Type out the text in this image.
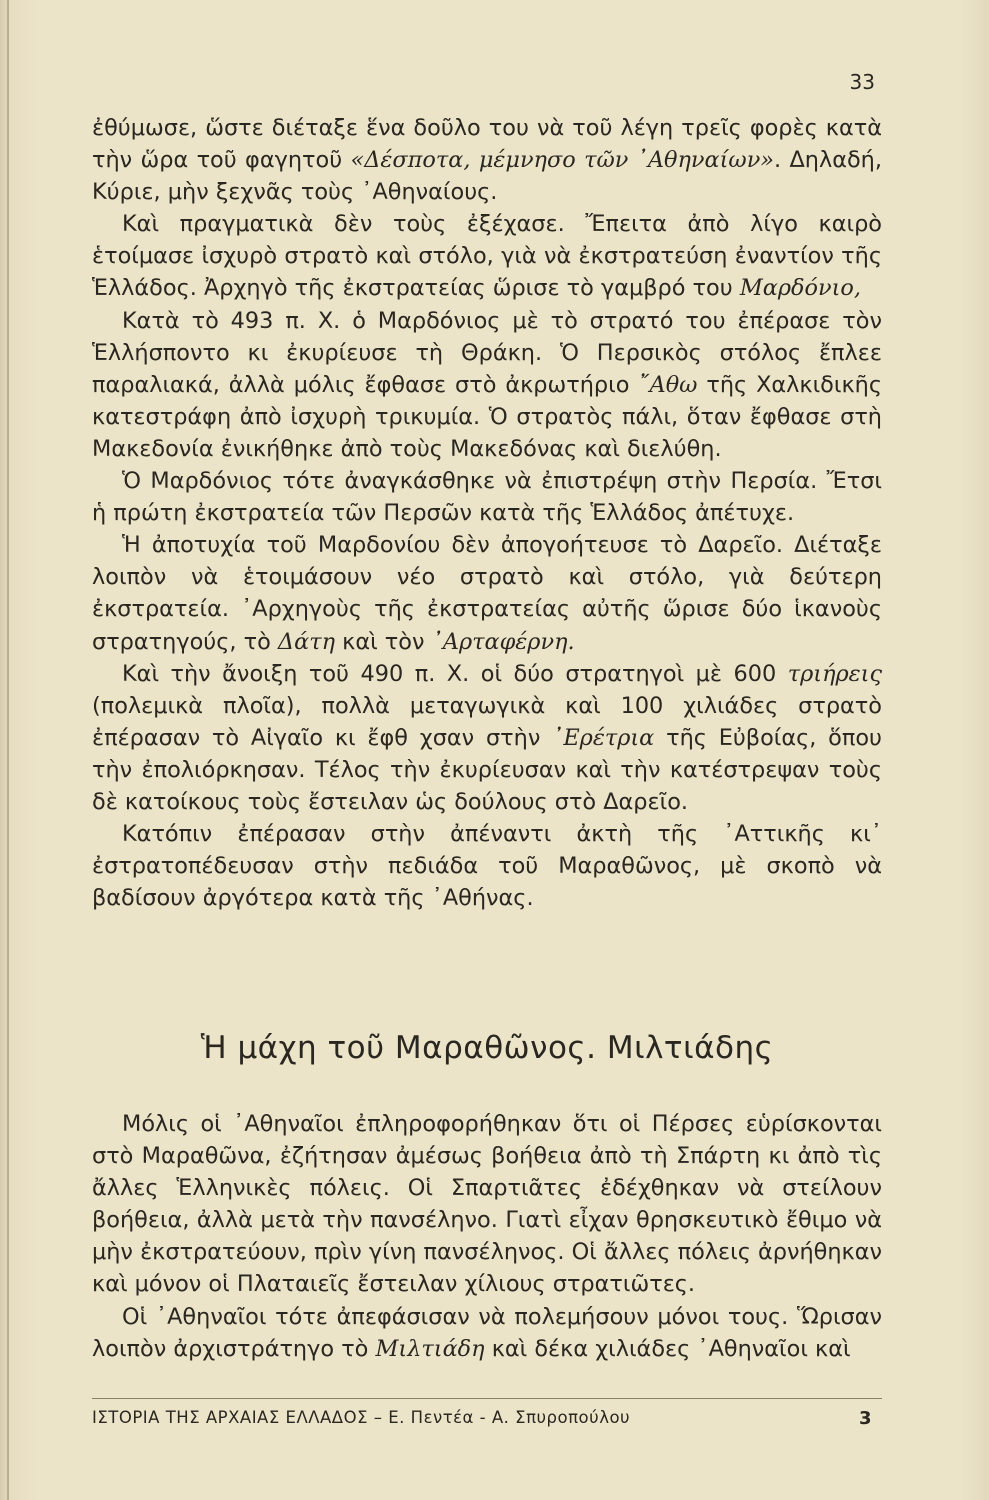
33

ἐθύμωσε, ὥστε διέταξε ἕνα δοῦλο του νὰ τοῦ λέγη τρεῖς φορὲς κατὰ τὴν ὥρα τοῦ φαγητοῦ «Δέσποτα, μέμνησο τῶν ᾿Αθηναίων». Δηλαδή, Κύριε, μὴν ξεχνᾶς τοὺς ᾿Αθηναίους.

Καὶ πραγματικὰ δὲν τοὺς ἐξέχασε. Ἔπειτα ἀπὸ λίγο καιρὸ ἑτοίμασε ἰσχυρὸ στρατὸ καὶ στόλο, γιὰ νὰ ἐκστρατεύση ἐναντίον τῆς Ἑλλάδος. Ἀρχηγὸ τῆς ἐκστρατείας ὥρισε τὸ γαμβρό του Μαρδόνιο,

Κατὰ τὸ 493 π. Χ. ὁ Μαρδόνιος μὲ τὸ στρατό του ἐπέρασε τὸν Ἑλλήσποντο κι ἐκυρίευσε τὴ Θράκη. Ὁ Περσικὸς στόλος ἔπλεε παραλιακά, ἀλλὰ μόλις ἔφθασε στὸ ἀκρωτήριο ῎Αθω τῆς Χαλκιδικῆς κατεστράφη ἀπὸ ἰσχυρὴ τρικυμία. Ὁ στρατὸς πάλι, ὅταν ἔφθασε στὴ Μακεδονία ἐνικήθηκε ἀπὸ τοὺς Μακεδόνας καὶ διελύθη.

Ὁ Μαρδόνιος τότε ἀναγκάσθηκε νὰ ἐπιστρέψη στὴν Περσία. Ἔτσι ἡ πρώτη ἐκστρατεία τῶν Περσῶν κατὰ τῆς Ἑλλάδος ἀπέτυχε.

Ἡ ἀποτυχία τοῦ Μαρδονίου δὲν ἀπογοήτευσε τὸ Δαρεῖο. Διέταξε λοιπὸν νὰ ἑτοιμάσουν νέο στρατὸ καὶ στόλο, γιὰ δεύτερη ἐκστρατεία. ᾿Αρχηγοὺς τῆς ἐκστρατείας αὐτῆς ὥρισε δύο ἱκανοὺς στρατηγούς, τὸ Δάτη καὶ τὸν ᾿Αρταφέρνη.

Καὶ τὴν ἄνοιξη τοῦ 490 π. Χ. οἱ δύο στρατηγοὶ μὲ 600 τριήρεις (πολεμικὰ πλοῖα), πολλὰ μεταγωγικὰ καὶ 100 χιλιάδες στρατὸ ἐπέρασαν τὸ Αἰγαῖο κι ἔφθ χσαν στὴν ᾿Ερέτρια τῆς Εὐβοίας, ὅπου τὴν ἐπολιόρκησαν. Τέλος τὴν ἐκυρίευσαν καὶ τὴν κατέστρεψαν τοὺς δὲ κατοίκους τοὺς ἔστειλαν ὡς δούλους στὸ Δαρεῖο.

Κατόπιν ἐπέρασαν στὴν ἀπέναντι ἀκτὴ τῆς ᾿Αττικῆς κι᾿ ἐστρατοπέδευσαν στὴν πεδιάδα τοῦ Μαραθῶνος, μὲ σκοπὸ νὰ βαδίσουν ἀργότερα κατὰ τῆς ᾿Αθήνας.

Ἡ μάχη τοῦ Μαραθῶνος. Μιλτιάδης

Μόλις οἱ ᾿Αθηναῖοι ἐπληροφορήθηκαν ὅτι οἱ Πέρσες εὑρίσκονται στὸ Μαραθῶνα, ἐζήτησαν ἀμέσως βοήθεια ἀπὸ τὴ Σπάρτη κι ἀπὸ τὶς ἄλλες Ἑλληνικὲς πόλεις. Οἱ Σπαρτιᾶτες ἐδέχθηκαν νὰ στείλουν βοήθεια, ἀλλὰ μετὰ τὴν πανσέληνο. Γιατὶ εἶχαν θρησκευτικὸ ἔθιμο νὰ μὴν ἐκστρατεύουν, πρὶν γίνη πανσέληνος. Οἱ ἄλλες πόλεις ἀρνήθηκαν καὶ μόνον οἱ Πλαταιεῖς ἔστειλαν χίλιους στρατιῶτες.

Οἱ ᾿Αθηναῖοι τότε ἀπεφάσισαν νὰ πολεμήσουν μόνοι τους. Ὥρισαν λοιπὸν ἀρχιστράτηγο τὸ Μιλτιάδη καὶ δέκα χιλιάδες ᾿Αθηναῖοι καὶ

ΙΣΤΟΡΙΑ ΤΗΣ ΑΡΧΑΙΑΣ ΕΛΛΑΔΟΣ – Ε. Πεντέα - Α. Σπυροπούλου	3
